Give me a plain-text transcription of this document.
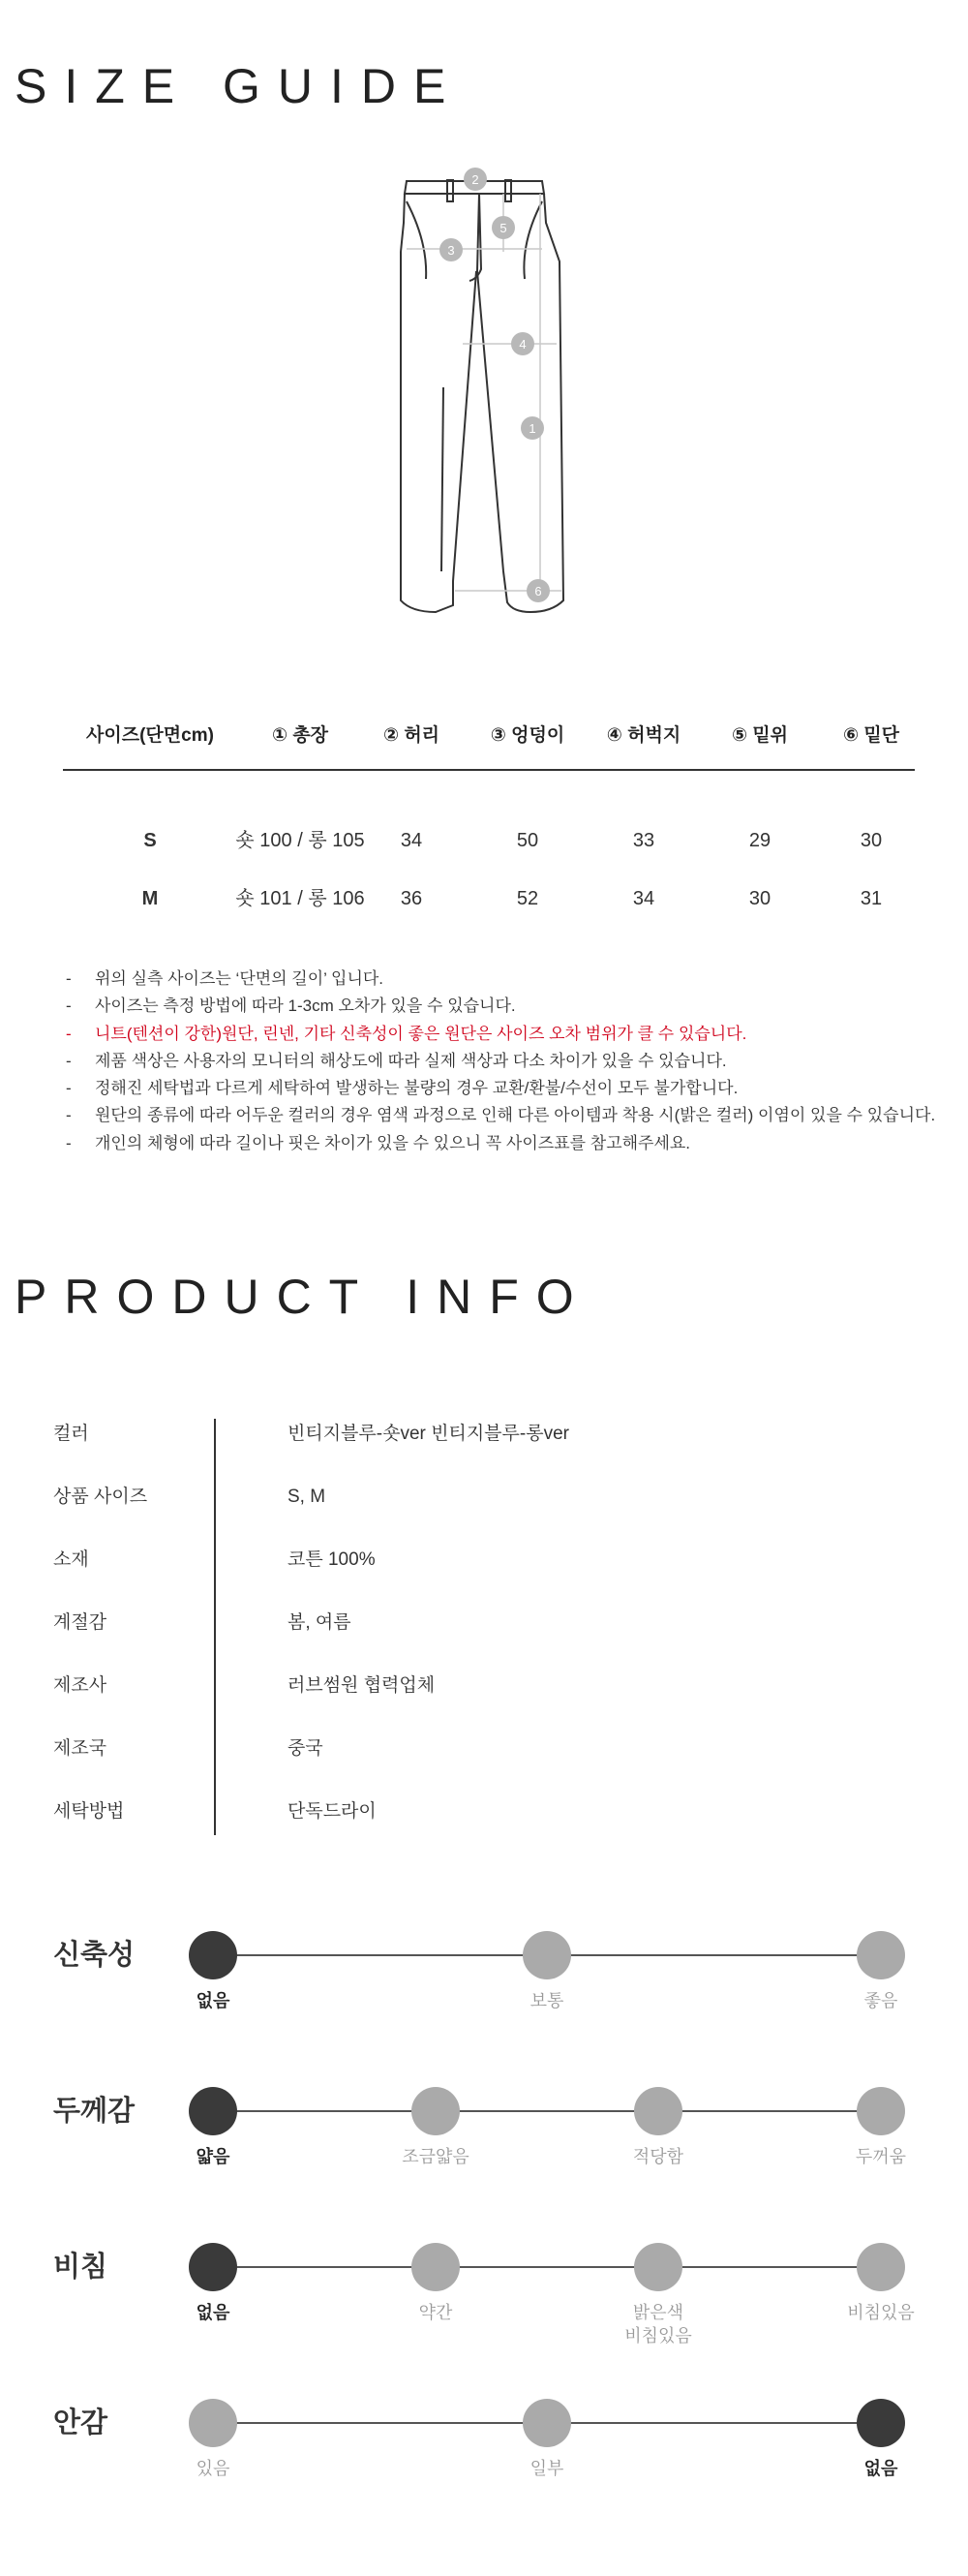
SIZE GUIDE
1
2
3
4
5
6
사이즈(단면cm)	① 총장	② 허리	③ 엉덩이	④ 허벅지	⑤ 밑위	⑥ 밑단
S	숏 100 / 롱 105	34	50	33	29	30
M	숏 101 / 롱 106	36	52	34	30	31
- 위의 실측 사이즈는 ‘단면의 길이’ 입니다.
- 사이즈는 측정 방법에 따라 1-3cm 오차가 있을 수 있습니다.
- 니트(텐션이 강한)원단, 린넨, 기타 신축성이 좋은 원단은 사이즈 오차 범위가 클 수 있습니다.
- 제품 색상은 사용자의 모니터의 해상도에 따라 실제 색상과 다소 차이가 있을 수 있습니다.
- 정해진 세탁법과 다르게 세탁하여 발생하는 불량의 경우 교환/환불/수선이 모두 불가합니다.
- 원단의 종류에 따라 어두운 컬러의 경우 염색 과정으로 인해 다른 아이템과 착용 시(밝은 컬러) 이염이 있을 수 있습니다.
- 개인의 체형에 따라 길이나 핏은 차이가 있을 수 있으니 꼭 사이즈표를 참고해주세요.
PRODUCT INFO
컬러	빈티지블루-숏ver 빈티지블루-롱ver
상품 사이즈	S, M
소재	코튼 100%
계절감	봄, 여름
제조사	러브썸원 협력업체
제조국	중국
세탁방법	단독드라이
신축성
없음	보통	좋음
두께감
얇음	조금얇음	적당함	두꺼움
비침
없음	약간	밝은색
비침있음
비침있음
안감
있음	일부	없음
